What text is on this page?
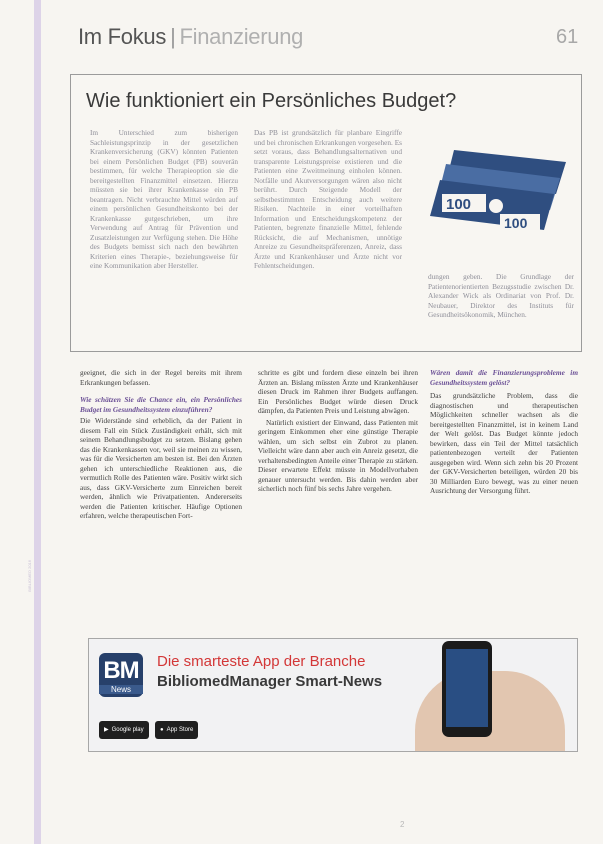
BIBLIOMED 2016
Im Fokus | Finanzierung	61
Wie funktioniert ein Persönliches Budget?
Im Unterschied zum bisherigen Sachleistungsprinzip in der gesetzlichen Krankenversicherung (GKV) könnten Patienten bei einem Persönlichen Budget (PB) souverän bestimmen, für welche Therapieoption sie die bereitgestellten Finanzmittel einsetzen. Hierzu müssten sie bei ihrer Krankenkasse ein PB beantragen. Nicht verbrauchte Mittel würden auf einem persönlichen Gesundheitskonto bei der Krankenkasse gutgeschrieben, um ihre Verwendung auf Antrag für Prävention und Zusatzleistungen zur Verfügung stehen. Die Höhe des Budgets bemisst sich nach den bewährten Kriterien eines Therapie-, beziehungsweise für eine Kommunikation aber Hersteller.
Das PB ist grundsätzlich für planbare Eingriffe und bei chronischen Erkrankungen vorgesehen. Es setzt voraus, dass Behandlungsalternativen und transparente Leistungspreise existieren und die Patienten eine Zweitmeinung einholen können. Notfälle und Akutversorgungen wären also nicht berührt. Durch Steigende Modell der selbstbestimmten Entscheidung auch weitere Risiken. Nachteile in einer vorteilhaften Information und Entscheidungskompetenz der Patienten, begrenzte finanzielle Mittel, fehlende Rücksicht, die auf Mechanismen, unnötige Anreize zu Gesundheitspräferenzen, Anreiz, dass Ärzte und Krankenhäuser und Ärzte nicht vor Fehlentscheidungen.
100
100
dungen geben. Die Grundlage der Patientenorientierten Bezugsstudie zwischen Dr. Alexander Wick als Ordinariat von Prof. Dr. Neubauer, Direktor des Instituts für Gesundheitsökonomik, München.

geeignet, die sich in der Regel bereits mit ihrem Erkrankungen befassen.

Wie schätzen Sie die Chance ein, ein Persönliches Budget im Gesundheitssystem einzuführen?

Die Widerstände sind erheblich, da der Patient in diesem Fall ein Stück Zuständigkeit erhält, sich mit seinem Behandlungsbudget zu setzen. Bislang gehen das die Krankenkassen vor, weil sie meinen zu wissen, was für die Versicherten am besten ist. Bei den Ärzten gehen ich unterschiedliche Reaktionen aus, die vermutlich Rolle des Patienten wäre. Positiv wirkt sich aus, dass GKV-Versicherte zum Einreichen bereit werden, ähnlich wie Privatpatienten. Andererseits werden die Patienten kritischer. Häufige Optionen erfahren, welche therapeutischen Fort-

schritte es gibt und fordern diese einzeln bei ihren Ärzten an. Bislang müssten Ärzte und Krankenhäuser diesen Druck im Rahmen ihrer Budgets auffangen. Ein Persönliches Budget würde diesen Druck dämpfen, da Patienten Preis und Leistung abwägen.

Natürlich existiert der Einwand, dass Patienten mit geringem Einkommen eher eine günstige Therapie wählen, um sich selbst ein Zubrot zu planen. Vielleicht wäre dann aber auch ein Anreiz gesetzt, die verhaltensbedingten Anteile einer Therapie zu stärken. Dieser erwartete Effekt müsste in Modellvorhaben genauer untersucht werden. Bis dahin werden aber sicherlich noch fünf bis sechs Jahre vergehen.

Wären damit die Finanzierungsprobleme im Gesundheitssystem gelöst?

Das grundsätzliche Problem, dass die diagnostischen und therapeutischen Möglichkeiten schneller wachsen als die bereitgestellten Finanzmittel, ist in keinem Land der Welt gelöst. Das Budget könnte jedoch bewirken, dass ein Teil der Mittel tatsächlich patientenbezogen verteilt der Patienten ausgegeben wird. Wenn sich zehn bis 20 Prozent der GKV-Versicherten beteiligen, würden 20 bis 30 Milliarden Euro bewegt, was zu einer neuen Ausrichtung der Versorgung führt.

BM
News
Die smarteste App der Branche
BibliomedManager Smart-News
▶ Google play	● App Store
2
